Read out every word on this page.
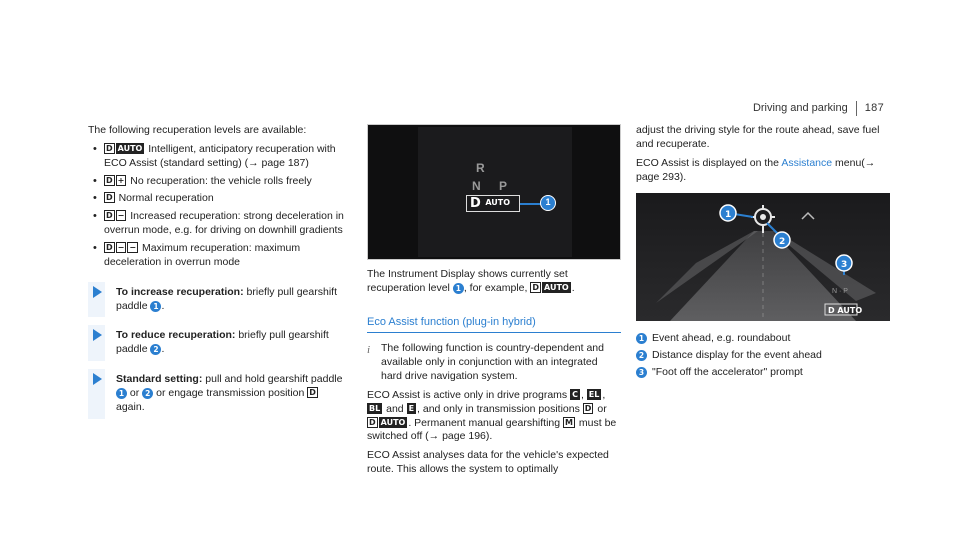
Driving and parking 187

The following recuperation levels are available:

• D AUTO Intelligent, anticipatory recuperation with ECO Assist (standard setting) (→ page 187)
• D + No recuperation: the vehicle rolls freely
• D Normal recuperation
• D − Increased recuperation: strong deceleration in overrun mode, e.g. for driving on downhill gradients
• D − − Maximum recuperation: maximum deceleration in overrun mode
To increase recuperation: briefly pull gearshift paddle 1 .
To reduce recuperation: briefly pull gearshift paddle 2 .
Standard setting: pull and hold gearshift paddle 1 or 2 or engage transmission position D again.
R
N P
D AUTO	1

The Instrument Display shows currently set recuperation level 1 , for example, D AUTO .

Eco Assist function (plug-in hybrid)

i The following function is country-dependent and available only in conjunction with an integrated hard drive navigation system.

ECO Assist is active only in drive programs C , EL , BL and E , and only in transmission positions D or D AUTO . Permanent manual gearshifting M must be switched off (→ page 196).

ECO Assist analyses data for the vehicle's expected route. This allows the system to optimally

adjust the driving style for the route ahead, save fuel and recuperate.

ECO Assist is displayed on the Assistance menu(→ page 293).

N · P
D AUTO
1
2
3
1 Event ahead, e.g. roundabout
2 Distance display for the event ahead
3 "Foot off the accelerator" prompt
